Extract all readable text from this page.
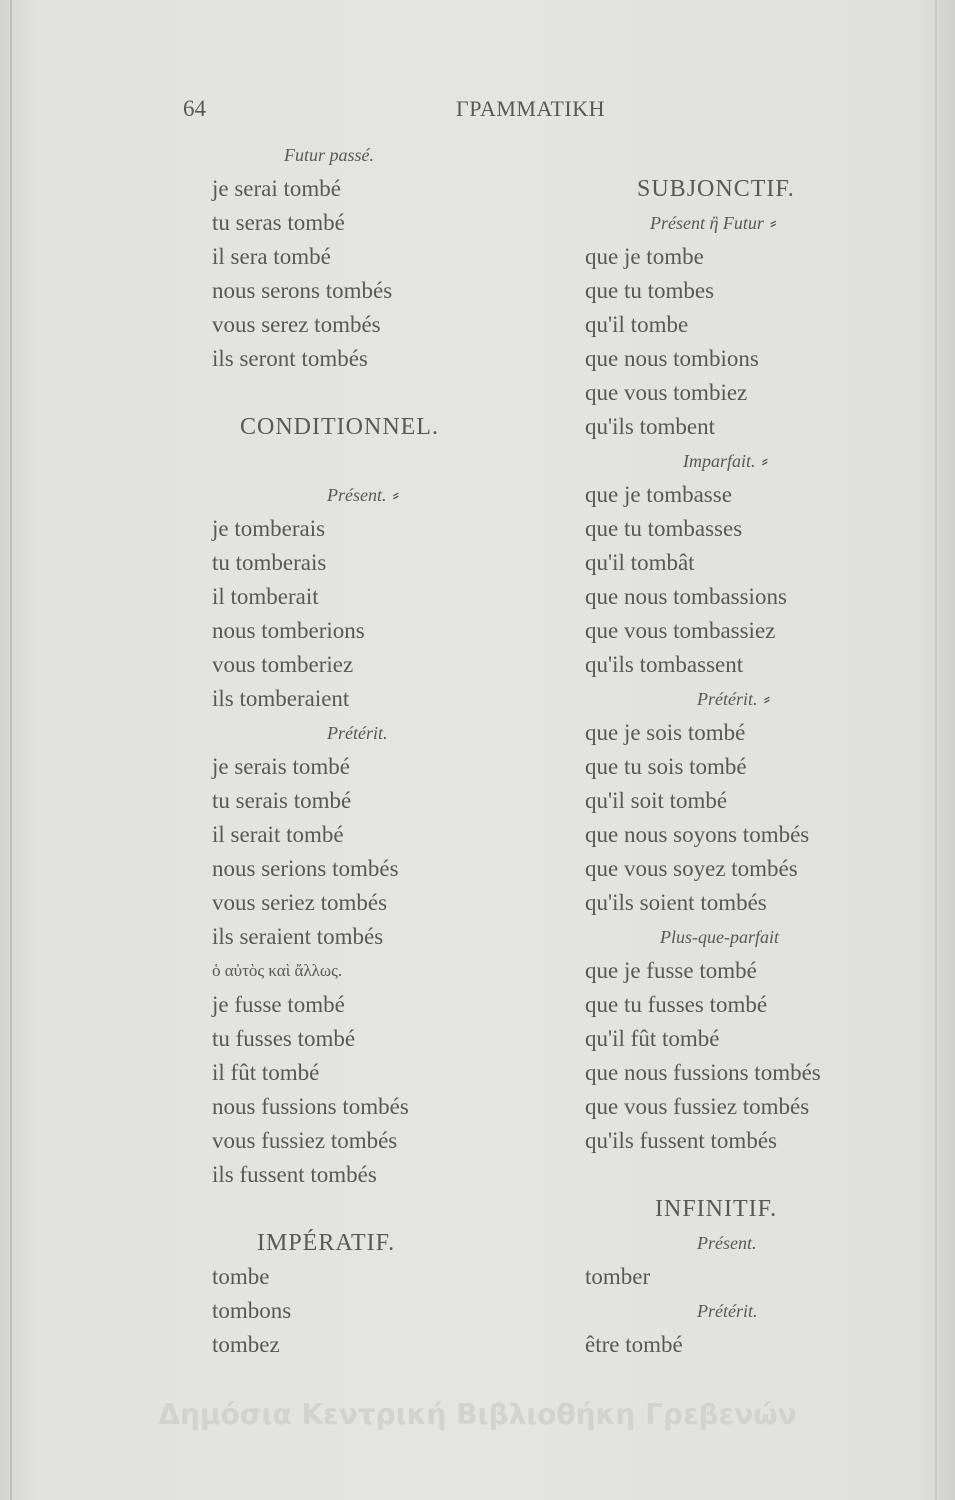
64	ΓΡΑΜΜΑΤΙΚΗ
Futur passé.
je serai tombé
tu seras tombé
il sera tombé
nous serons tombés
vous serez tombés
ils seront tombés
CONDITIONNEL.
Présent. ⸗
je tomberais
tu tomberais
il tomberait
nous tomberions
vous tomberiez
ils tomberaient
Prétérit.
je serais tombé
tu serais tombé
il serait tombé
nous serions tombés
vous seriez tombés
ils seraient tombés
ὁ αὐτὸς καὶ ἄλλως.
je fusse tombé
tu fusses tombé
il fût tombé
nous fussions tombés
vous fussiez tombés
ils fussent tombés
IMPÉRATIF.
tombe
tombons
tombez
SUBJONCTIF.
Présent ἢ Futur ⸗
que je tombe
que tu tombes
qu'il tombe
que nous tombions
que vous tombiez
qu'ils tombent
Imparfait. ⸗
que je tombasse
que tu tombasses
qu'il tombât
que nous tombassions
que vous tombassiez
qu'ils tombassent
Prétérit. ⸗
que je sois tombé
que tu sois tombé
qu'il soit tombé
que nous soyons tombés
que vous soyez tombés
qu'ils soient tombés
Plus-que-parfait
que je fusse tombé
que tu fusses tombé
qu'il fût tombé
que nous fussions tombés
que vous fussiez tombés
qu'ils fussent tombés
INFINITIF.
Présent.
tomber
Prétérit.
être tombé
Δημόσια Κεντρική Βιβλιοθήκη Γρεβενών
